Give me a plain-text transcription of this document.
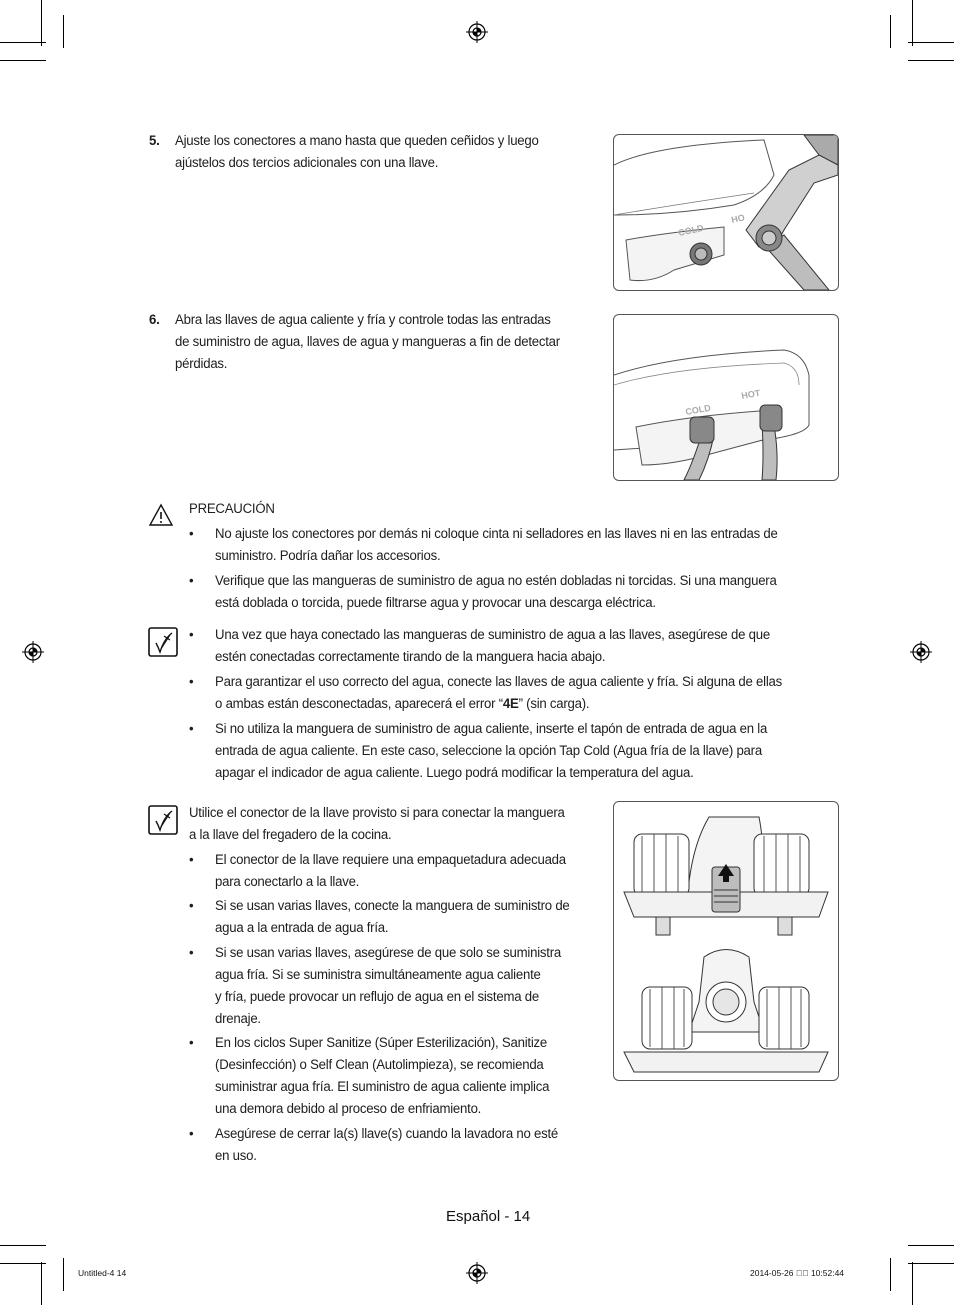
5. Ajuste los conectores a mano hasta que queden ceñidos y luego
ajústelos dos tercios adicionales con una llave.
COLD
HO
6. Abra las llaves de agua caliente y fría y controle todas las entradas
de suministro de agua, llaves de agua y mangueras a fin de detectar
pérdidas.
COLD
HOT
PRECAUCIÓN
• No ajuste los conectores por demás ni coloque cinta ni selladores en las llaves ni en las entradas de
suministro. Podría dañar los accesorios.
• Verifique que las mangueras de suministro de agua no estén dobladas ni torcidas. Si una manguera
está doblada o torcida, puede filtrarse agua y provocar una descarga eléctrica.
• Una vez que haya conectado las mangueras de suministro de agua a las llaves, asegúrese de que
estén conectadas correctamente tirando de la manguera hacia abajo.
• Para garantizar el uso correcto del agua, conecte las llaves de agua caliente y fría. Si alguna de ellas
o ambas están desconectadas, aparecerá el error “4E” (sin carga).
• Si no utiliza la manguera de suministro de agua caliente, inserte el tapón de entrada de agua en la
entrada de agua caliente. En este caso, seleccione la opción Tap Cold (Agua fría de la llave) para
apagar el indicador de agua caliente. Luego podrá modificar la temperatura del agua.
Utilice el conector de la llave provisto si para conectar la manguera
a la llave del fregadero de la cocina.
• El conector de la llave requiere una empaquetadura adecuada
para conectarlo a la llave.
• Si se usan varias llaves, conecte la manguera de suministro de
agua a la entrada de agua fría.
• Si se usan varias llaves, asegúrese de que solo se suministra
agua fría. Si se suministra simultáneamente agua caliente
y fría, puede provocar un reflujo de agua en el sistema de
drenaje.
• En los ciclos Super Sanitize (Súper Esterilización), Sanitize
(Desinfección) o Self Clean (Autolimpieza), se recomienda
suministrar agua fría. El suministro de agua caliente implica
una demora debido al proceso de enfriamiento.
• Asegúrese de cerrar la(s) llave(s) cuando la lavadora no esté
en uso.
Español - 14
Untitled-4 14	2014-05-26 ￿￿ 10:52:44
